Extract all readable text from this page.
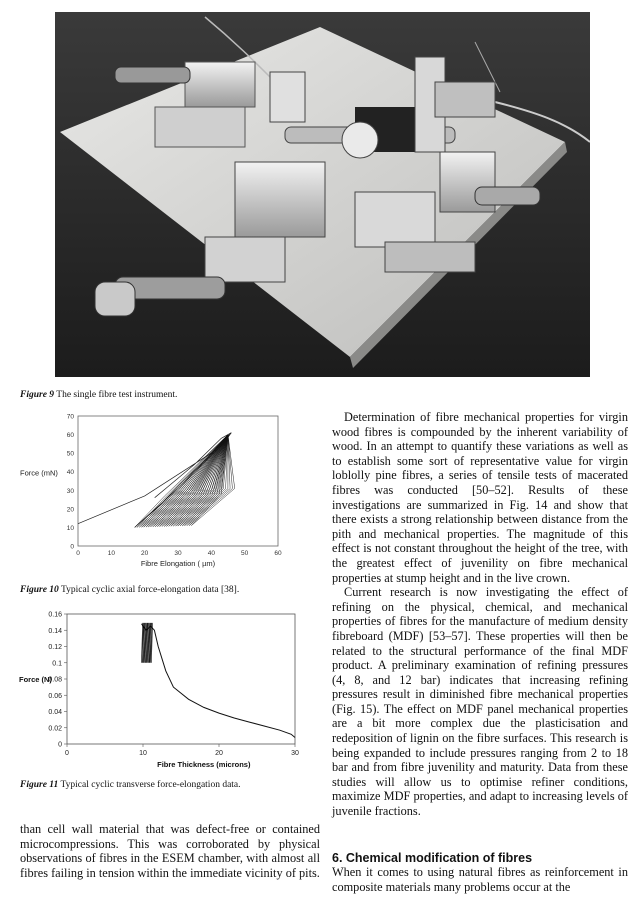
Figure 9 The single fibre test instrument.
0
10
20
30
40
50
60
70
0	10	20	30	40	50	60
Force (mN)
Fibre Elongation ( µm)
Figure 10 Typical cyclic axial force-elongation data [38].
0
0.02
0.04
0.06
0.08
0.1
0.12
0.14
0.16
0	10	20	30
Force (N)
Fibre Thickness (microns)
Figure 11 Typical cyclic transverse force-elongation data.

than cell wall material that was defect-free or contained microcompressions. This was corroborated by physical observations of fibres in the ESEM chamber, with almost all fibres failing in tension within the immediate vicinity of pits.

Determination of fibre mechanical properties for virgin wood fibres is compounded by the inherent variability of wood. In an attempt to quantify these variations as well as to establish some sort of representative value for virgin loblolly pine fibres, a series of tensile tests of macerated fibres was conducted [50–52]. Results of these investigations are summarized in Fig. 14 and show that there exists a strong relationship between distance from the pith and mechanical properties. The magnitude of this effect is not constant throughout the height of the tree, with the greatest effect of juvenility on fibre mechanical properties at stump height and in the live crown.

Current research is now investigating the effect of refining on the physical, chemical, and mechanical properties of fibres for the manufacture of medium density fibreboard (MDF) [53–57]. These properties will then be related to the structural performance of the final MDF product. A preliminary examination of refining pressures (4, 8, and 12 bar) indicates that increasing refining pressures result in diminished fibre mechanical properties (Fig. 15). The effect on MDF panel mechanical properties are a bit more complex due the plasticisation and redeposition of lignin on the fibre surfaces. This research is being expanded to include pressures ranging from 2 to 18 bar and from fibre juvenility and maturity. Data from these studies will allow us to optimise refiner conditions, maximize MDF properties, and adapt to increasing levels of juvenile fractions.

6. Chemical modification of fibres

When it comes to using natural fibres as reinforcement in composite materials many problems occur at the
